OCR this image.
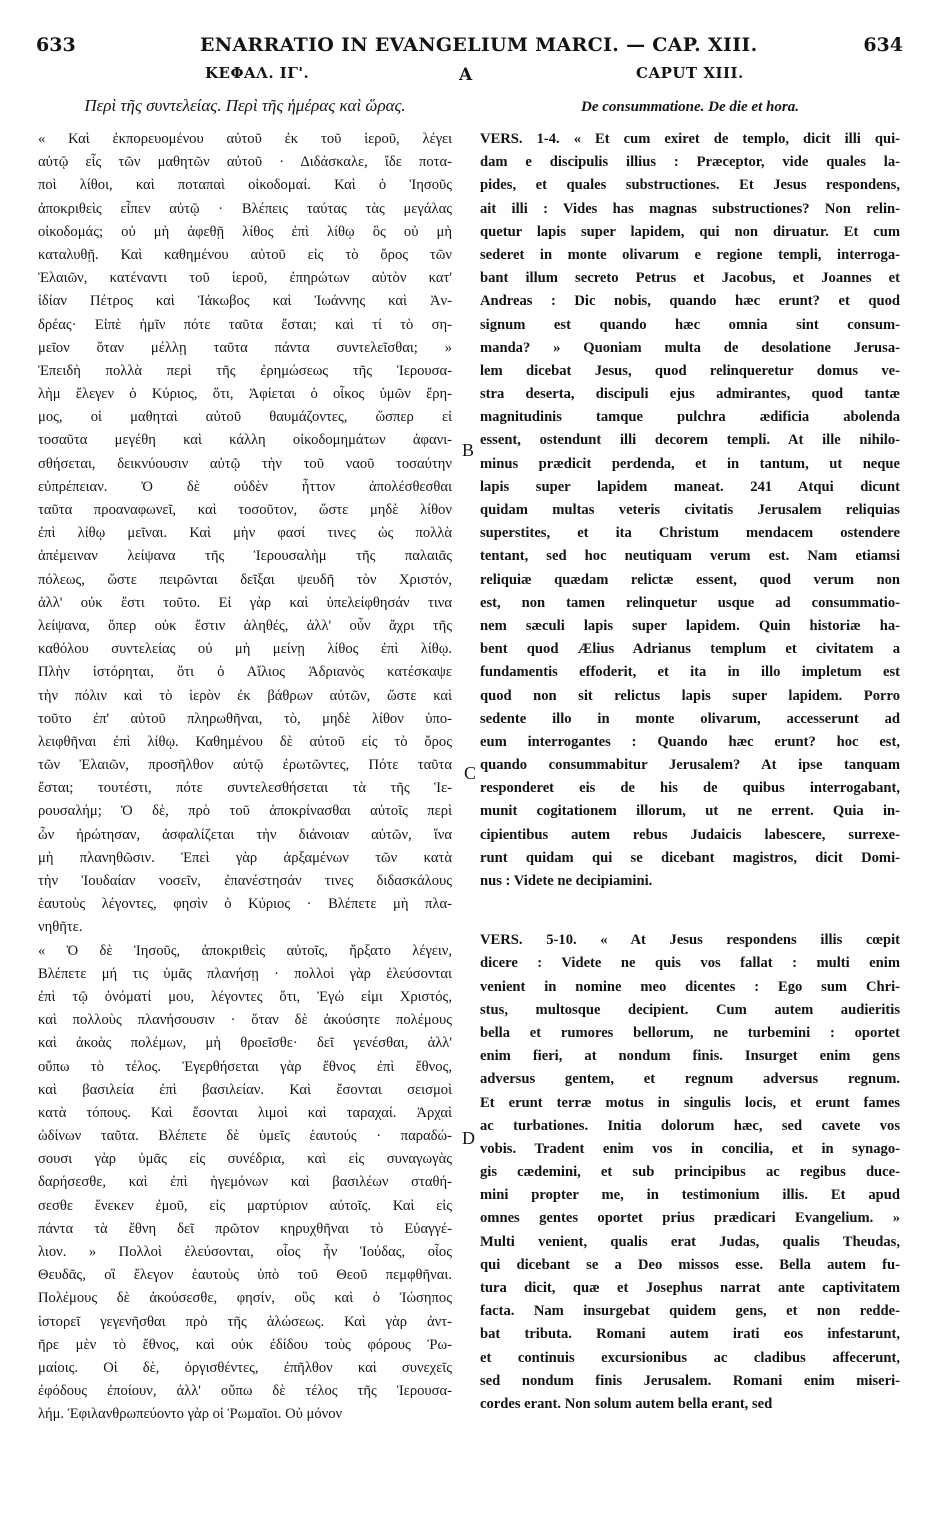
633	ENARRATIO IN EVANGELIUM MARCI. — CAP. XIII.	634
ΚΕΦΑΛ. ΙΓ'.	A	CAPUT XIII.
Περὶ τῆς συντελείας. Περὶ τῆς ἡμέρας καὶ ὥρας.
« Καὶ ἐκπορευομένου αὐτοῦ ἐκ τοῦ ἱεροῦ, λέγει
αὐτῷ εἷς τῶν μαθητῶν αὐτοῦ · Διδάσκαλε, ἴδε ποτα-
ποὶ λίθοι, καὶ ποταπαὶ οἰκοδομαί. Καὶ ὁ Ἰησοῦς
ἀποκριθεὶς εἶπεν αὐτῷ · Βλέπεις ταύτας τὰς μεγάλας
οἰκοδομάς; οὐ μὴ ἀφεθῇ λίθος ἐπὶ λίθῳ ὃς οὐ μὴ
καταλυθῇ. Καὶ καθημένου αὐτοῦ εἰς τὸ ὄρος τῶν
Ἐλαιῶν, κατέναντι τοῦ ἱεροῦ, ἐπηρώτων αὐτὸν κατ'
ἰδίαν Πέτρος καὶ Ἰάκωβος καὶ Ἰωάννης καὶ Ἀν-
δρέας· Εἰπὲ ἡμῖν πότε ταῦτα ἔσται; καὶ τί τὸ ση-
μεῖον ὅταν μέλλῃ ταῦτα πάντα συντελεῖσθαι; »
Ἐπειδὴ πολλὰ περὶ τῆς ἐρημώσεως τῆς Ἱερουσα-
λὴμ ἔλεγεν ὁ Κύριος, ὅτι, Ἀφίεται ὁ οἶκος ὑμῶν ἔρη-
μος, οἱ μαθηταὶ αὐτοῦ θαυμάζοντες, ὥσπερ εἰ
τοσαῦτα μεγέθη καὶ κάλλη οἰκοδομημάτων ἀφανι-
σθήσεται, δεικνύουσιν αὐτῷ τὴν τοῦ ναοῦ τοσαύτην
εὐπρέπειαν. Ὁ δὲ οὐδὲν ἧττον ἀπολέσθεσθαι
ταῦτα προαναφωνεῖ, καὶ τοσοῦτον, ὥστε μηδὲ λίθον
ἐπὶ λίθῳ μεῖναι. Καὶ μὴν φασί τινες ὡς πολλὰ
ἀπέμειναν λείψανα τῆς Ἱερουσαλὴμ τῆς παλαιᾶς
πόλεως, ὥστε πειρῶνται δεῖξαι ψευδῆ τὸν Χριστόν,
ἀλλ' οὐκ ἔστι τοῦτο. Εἰ γὰρ καὶ ὑπελείφθησάν τινα
λείψανα, ὅπερ οὐκ ἔστιν ἀληθές, ἀλλ' οὖν ἄχρι τῆς
καθόλου συντελείας οὐ μὴ μείνῃ λίθος ἐπὶ λίθῳ.
Πλὴν ἱστόρηται, ὅτι ὁ Αἴλιος Ἀδριανὸς κατέσκαψε
τὴν πόλιν καὶ τὸ ἱερὸν ἐκ βάθρων αὐτῶν, ὥστε καὶ
τοῦτο ἐπ' αὐτοῦ πληρωθῆναι, τὸ, μηδὲ λίθον ὑπο-
λειφθῆναι ἐπὶ λίθῳ. Καθημένου δὲ αὐτοῦ εἰς τὸ ὄρος
τῶν Ἐλαιῶν, προσῆλθον αὐτῷ ἐρωτῶντες, Πότε ταῦτα
ἔσται; τουτέστι, πότε συντελεσθήσεται τὰ τῆς Ἱε-
ρουσαλήμ; Ὁ δὲ, πρὸ τοῦ ἀποκρίνασθαι αὐτοῖς περὶ
ὧν ἠρώτησαν, ἀσφαλίζεται τὴν διάνοιαν αὐτῶν, ἵνα
μὴ πλανηθῶσιν. Ἐπεὶ γὰρ ἀρξαμένων τῶν κατὰ
τὴν Ἰουδαίαν νοσεῖν, ἐπανέστησάν τινες διδασκάλους
ἑαυτοὺς λέγοντες, φησὶν ὁ Κύριος · Βλέπετε μὴ πλα-
νηθῆτε.
« Ὁ δὲ Ἰησοῦς, ἀποκριθεὶς αὐτοῖς, ἤρξατο λέγειν,
Βλέπετε μή τις ὑμᾶς πλανήσῃ · πολλοὶ γὰρ ἐλεύσονται
ἐπὶ τῷ ὀνόματί μου, λέγοντες ὅτι, Ἐγώ εἰμι Χριστός,
καὶ πολλοὺς πλανήσουσιν · ὅταν δὲ ἀκούσητε πολέμους
καὶ ἀκοὰς πολέμων, μὴ θροεῖσθε· δεῖ γενέσθαι, ἀλλ'
οὔπω τὸ τέλος. Ἐγερθήσεται γὰρ ἔθνος ἐπὶ ἔθνος,
καὶ βασιλεία ἐπὶ βασιλείαν. Καὶ ἔσονται σεισμοὶ
κατὰ τόπους. Καὶ ἔσονται λιμοὶ καὶ ταραχαί. Ἀρχαὶ
ὠδίνων ταῦτα. Βλέπετε δὲ ὑμεῖς ἑαυτούς · παραδώ-
σουσι γὰρ ὑμᾶς εἰς συνέδρια, καὶ εἰς συναγωγὰς
δαρήσεσθε, καὶ ἐπὶ ἡγεμόνων καὶ βασιλέων σταθή-
σεσθε ἕνεκεν ἐμοῦ, εἰς μαρτύριον αὐτοῖς. Καὶ εἰς
πάντα τὰ ἔθνη δεῖ πρῶτον κηρυχθῆναι τὸ Εὐαγγέ-
λιον. » Πολλοὶ ἐλεύσονται, οἷος ἦν Ἰούδας, οἷος
Θευδᾶς, οἳ ἔλεγον ἑαυτοὺς ὑπὸ τοῦ Θεοῦ πεμφθῆναι.
Πολέμους δὲ ἀκούσεσθε, φησίν, οὓς καὶ ὁ Ἰώσηπος
ἱστορεῖ γεγενῆσθαι πρὸ τῆς ἁλώσεως. Καὶ γὰρ ἀντ-
ῆρε μὲν τὸ ἔθνος, καὶ οὐκ ἐδίδου τοὺς φόρους Ῥω-
μαίοις. Οἱ δὲ, ὀργισθέντες, ἐπῆλθον καὶ συνεχεῖς
ἐφόδους ἐποίουν, ἀλλ' οὔπω δὲ τέλος τῆς Ἱερουσα-
λήμ. Ἐφιλανθρωπεύοντο γὰρ οἱ Ῥωμαῖοι. Οὐ μόνον
De consummatione. De die et hora.
VERS. 1-4. « Et cum exiret de templo, dicit illi qui-
dam e discipulis illius : Præceptor, vide quales la-
pides, et quales substructiones. Et Jesus respondens,
ait illi : Vides has magnas substructiones? Non relin-
quetur lapis super lapidem, qui non diruatur. Et cum
sederet in monte olivarum e regione templi, interroga-
bant illum secreto Petrus et Jacobus, et Joannes et
Andreas : Dic nobis, quando hæc erunt? et quod
signum est quando hæc omnia sint consum-
manda? » Quoniam multa de desolatione Jerusa-
lem dicebat Jesus, quod relinqueretur domus ve-
stra deserta, discipuli ejus admirantes, quod tantæ
magnitudinis tamque pulchra ædificia abolenda
essent, ostendunt illi decorem templi. At ille nihilo-
minus prædicit perdenda, et in tantum, ut neque
lapis super lapidem maneat. 241 Atqui dicunt
quidam multas veteris civitatis Jerusalem reliquias
superstites, et ita Christum mendacem ostendere
tentant, sed hoc neutiquam verum est. Nam etiamsi
reliquiæ quædam relictæ essent, quod verum non
est, non tamen relinquetur usque ad consummatio-
nem sæculi lapis super lapidem. Quin historiæ ha-
bent quod Ælius Adrianus templum et civitatem a
fundamentis effoderit, et ita in illo impletum est
quod non sit relictus lapis super lapidem. Porro
sedente illo in monte olivarum, accesserunt ad
eum interrogantes : Quando hæc erunt? hoc est,
quando consummabitur Jerusalem? At ipse tanquam
responderet eis de his de quibus interrogabant,
munit cogitationem illorum, ut ne errent. Quia in-
cipientibus autem rebus Judaicis labescere, surrexe-
runt quidam qui se dicebant magistros, dicit Domi-
nus : Videte ne decipiamini.
VERS. 5-10. « At Jesus respondens illis cœpit
dicere : Videte ne quis vos fallat : multi enim
venient in nomine meo dicentes : Ego sum Chri-
stus, multosque decipient. Cum autem audieritis
bella et rumores bellorum, ne turbemini : oportet
enim fieri, at nondum finis. Insurget enim gens
adversus gentem, et regnum adversus regnum.
Et erunt terræ motus in singulis locis, et erunt fames
ac turbationes. Initia dolorum hæc, sed cavete vos
vobis. Tradent enim vos in concilia, et in synago-
gis cædemini, et sub principibus ac regibus duce-
mini propter me, in testimonium illis. Et apud
omnes gentes oportet prius prædicari Evangelium. »
Multi venient, qualis erat Judas, qualis Theudas,
qui dicebant se a Deo missos esse. Bella autem fu-
tura dicit, quæ et Josephus narrat ante captivitatem
facta. Nam insurgebat quidem gens, et non redde-
bat tributa. Romani autem irati eos infestarunt,
et continuis excursionibus ac cladibus affecerunt,
sed nondum finis Jerusalem. Romani enim miseri-
cordes erant. Non solum autem bella erant, sed
B
C
D
